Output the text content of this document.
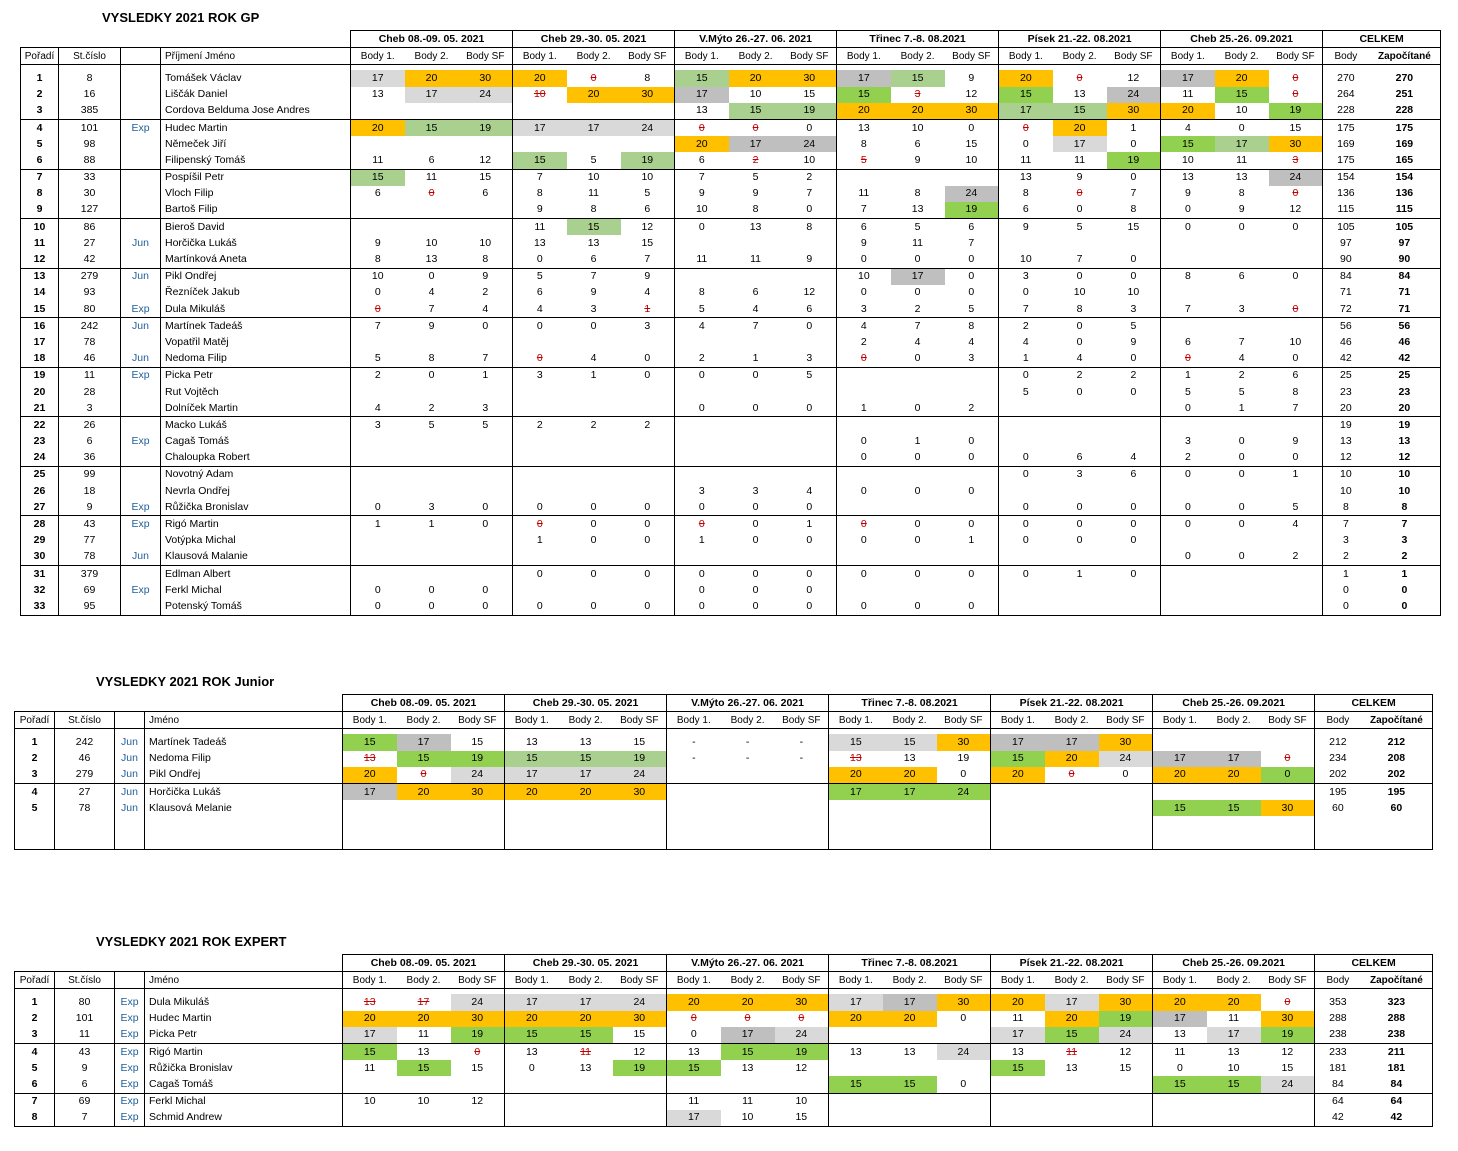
VYSLEDKY 2021 ROK GP
				Cheb 08.-09. 05. 2021			Cheb 29.-30. 05. 2021			V.Mýto 26.-27. 06. 2021			Třinec 7.-8. 08.2021			Písek 21.-22. 08.2021			Cheb 25.-26. 09.2021			CELKEM	
Pořadí	St.číslo		Příjmení Jméno	Body 1.	Body 2.	Body SF	Body 1.	Body 2.	Body SF	Body 1.	Body 2.	Body SF	Body 1.	Body 2.	Body SF	Body 1.	Body 2.	Body SF	Body 1.	Body 2.	Body SF	Body	Započítané

1	8		Tomášek Václav	17	20	30	20	0	8	15	20	30	17	15	9	20	0	12	17	20	0	270	270
2	16		Liščák Daniel	13	17	24	10	20	30	17	10	15	15	3	12	15	13	24	11	15	0	264	251
3	385		Cordova Belduma Jose Andres							13	15	19	20	20	30	17	15	30	20	10	19	228	228
4	101	Exp	Hudec Martin	20	15	19	17	17	24	0	0	0	13	10	0	0	20	1	4	0	15	175	175
5	98		Němeček Jiří							20	17	24	8	6	15	0	17	0	15	17	30	169	169
6	88		Filipenský Tomáš	11	6	12	15	5	19	6	2	10	5	9	10	11	11	19	10	11	3	175	165
7	33		Pospíšil Petr	15	11	15	7	10	10	7	5	2				13	9	0	13	13	24	154	154
8	30		Vloch Filip	6	0	6	8	11	5	9	9	7	11	8	24	8	0	7	9	8	0	136	136
9	127		Bartoš Filip				9	8	6	10	8	0	7	13	19	6	0	8	0	9	12	115	115
10	86		Bieroš David				11	15	12	0	13	8	6	5	6	9	5	15	0	0	0	105	105
11	27	Jun	Horčička Lukáš	9	10	10	13	13	15				9	11	7							97	97
12	42		Martínková Aneta	8	13	8	0	6	7	11	11	9	0	0	0	10	7	0				90	90
13	279	Jun	Pikl Ondřej	10	0	9	5	7	9				10	17	0	3	0	0	8	6	0	84	84
14	93		Řezníček Jakub	0	4	2	6	9	4	8	6	12	0	0	0	0	10	10				71	71
15	80	Exp	Dula Mikuláš	0	7	4	4	3	1	5	4	6	3	2	5	7	8	3	7	3	0	72	71
16	242	Jun	Martínek Tadeáš	7	9	0	0	0	3	4	7	0	4	7	8	2	0	5				56	56
17	78		Vopatřil Matěj										2	4	4	4	0	9	6	7	10	46	46
18	46	Jun	Nedoma Filip	5	8	7	0	4	0	2	1	3	0	0	3	1	4	0	0	4	0	42	42
19	11	Exp	Picka Petr	2	0	1	3	1	0	0	0	5				0	2	2	1	2	6	25	25
20	28		Rut Vojtěch													5	0	0	5	5	8	23	23
21	3		Dolníček Martin	4	2	3				0	0	0	1	0	2				0	1	7	20	20
22	26		Macko Lukáš	3	5	5	2	2	2													19	19
23	6	Exp	Cagaš Tomáš										0	1	0				3	0	9	13	13
24	36		Chaloupka Robert										0	0	0	0	6	4	2	0	0	12	12
25	99		Novotný Adam													0	3	6	0	0	1	10	10
26	18		Nevrla Ondřej							3	3	4	0	0	0							10	10
27	9	Exp	Růžička Bronislav	0	3	0	0	0	0	0	0	0				0	0	0	0	0	5	8	8
28	43	Exp	Rigó Martin	1	1	0	0	0	0	0	0	1	0	0	0	0	0	0	0	0	4	7	7
29	77		Votýpka Michal				1	0	0	1	0	0	0	0	1	0	0	0				3	3
30	78	Jun	Klausová Malanie																0	0	2	2	2
31	379		Edlman Albert				0	0	0	0	0	0	0	0	0	0	1	0				1	1
32	69	Exp	Ferkl Michal	0	0	0				0	0	0										0	0
33	95		Potenský Tomáš	0	0	0	0	0	0	0	0	0	0	0	0							0	0
VYSLEDKY 2021 ROK Junior
				Cheb 08.-09. 05. 2021			Cheb 29.-30. 05. 2021			V.Mýto 26.-27. 06. 2021			Třinec 7.-8. 08.2021			Písek 21.-22. 08.2021			Cheb 25.-26. 09.2021			CELKEM	
Pořadí	St.číslo		Jméno	Body 1.	Body 2.	Body SF	Body 1.	Body 2.	Body SF	Body 1.	Body 2.	Body SF	Body 1.	Body 2.	Body SF	Body 1.	Body 2.	Body SF	Body 1.	Body 2.	Body SF	Body	Započítané

1	242	Jun	Martínek Tadeáš	15	17	15	13	13	15	-	-	-	15	15	30	17	17	30				212	212
2	46	Jun	Nedoma Filip	13	15	19	15	15	19	-	-	-	13	13	19	15	20	24	17	17	0	234	208
3	279	Jun	Pikl Ondřej	20	0	24	17	17	24				20	20	0	20	0	0	20	20	0	202	202
4	27	Jun	Horčička Lukáš	17	20	30	20	20	30				17	17	24							195	195
5	78	Jun	Klausová Melanie																15	15	30	60	60

VYSLEDKY 2021 ROK EXPERT
				Cheb 08.-09. 05. 2021			Cheb 29.-30. 05. 2021			V.Mýto 26.-27. 06. 2021			Třinec 7.-8. 08.2021			Písek 21.-22. 08.2021			Cheb 25.-26. 09.2021			CELKEM	
Pořadí	St.číslo		Jméno	Body 1.	Body 2.	Body SF	Body 1.	Body 2.	Body SF	Body 1.	Body 2.	Body SF	Body 1.	Body 2.	Body SF	Body 1.	Body 2.	Body SF	Body 1.	Body 2.	Body SF	Body	Započítané

1	80	Exp	Dula Mikuláš	13	17	24	17	17	24	20	20	30	17	17	30	20	17	30	20	20	0	353	323
2	101	Exp	Hudec Martin	20	20	30	20	20	30	0	0	0	20	20	0	11	20	19	17	11	30	288	288
3	11	Exp	Picka Petr	17	11	19	15	15	15	0	17	24				17	15	24	13	17	19	238	238
4	43	Exp	Rigó Martin	15	13	0	13	11	12	13	15	19	13	13	24	13	11	12	11	13	12	233	211
5	9	Exp	Růžička Bronislav	11	15	15	0	13	19	15	13	12				15	13	15	0	10	15	181	181
6	6	Exp	Cagaš Tomáš										15	15	0				15	15	24	84	84
7	69	Exp	Ferkl Michal	10	10	12				11	11	10										64	64
8	7	Exp	Schmid Andrew							17	10	15										42	42
